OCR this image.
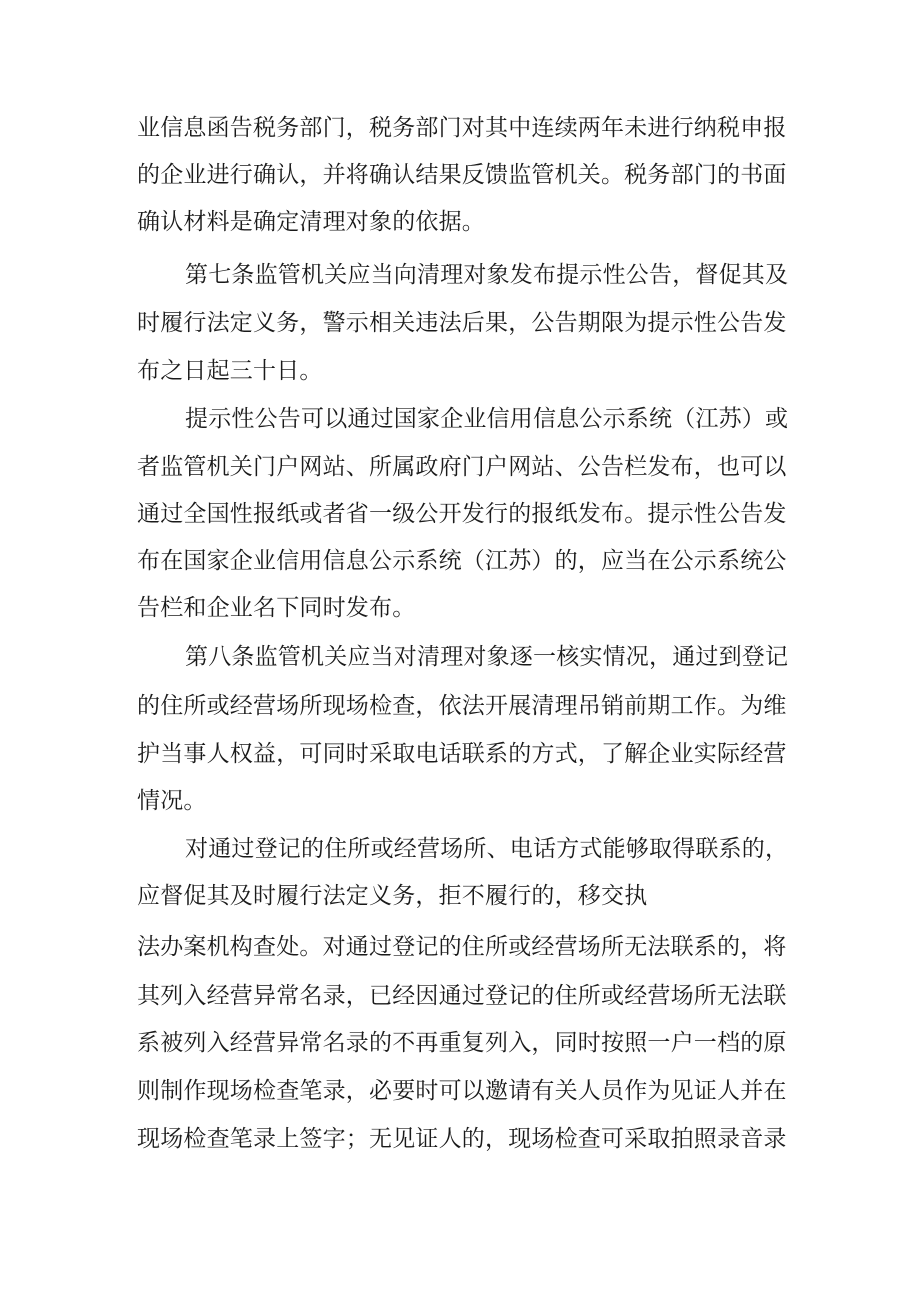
业信息函告税务部门，税务部门对其中连续两年未进行纳税申报
的企业进行确认，并将确认结果反馈监管机关。税务部门的书面
确认材料是确定清理对象的依据。
第七条监管机关应当向清理对象发布提示性公告，督促其及
时履行法定义务，警示相关违法后果，公告期限为提示性公告发
布之日起三十日。
提示性公告可以通过国家企业信用信息公示系统（江苏）或
者监管机关门户网站、所属政府门户网站、公告栏发布，也可以
通过全国性报纸或者省一级公开发行的报纸发布。提示性公告发
布在国家企业信用信息公示系统（江苏）的，应当在公示系统公
告栏和企业名下同时发布。
第八条监管机关应当对清理对象逐一核实情况，通过到登记
的住所或经营场所现场检查，依法开展清理吊销前期工作。为维
护当事人权益，可同时采取电话联系的方式，了解企业实际经营
情况。
对通过登记的住所或经营场所、电话方式能够取得联系的，
应督促其及时履行法定义务，拒不履行的，移交执
法办案机构查处。对通过登记的住所或经营场所无法联系的，将
其列入经营异常名录，已经因通过登记的住所或经营场所无法联
系被列入经营异常名录的不再重复列入，同时按照一户一档的原
则制作现场检查笔录，必要时可以邀请有关人员作为见证人并在
现场检查笔录上签字；无见证人的，现场检查可采取拍照录音录
